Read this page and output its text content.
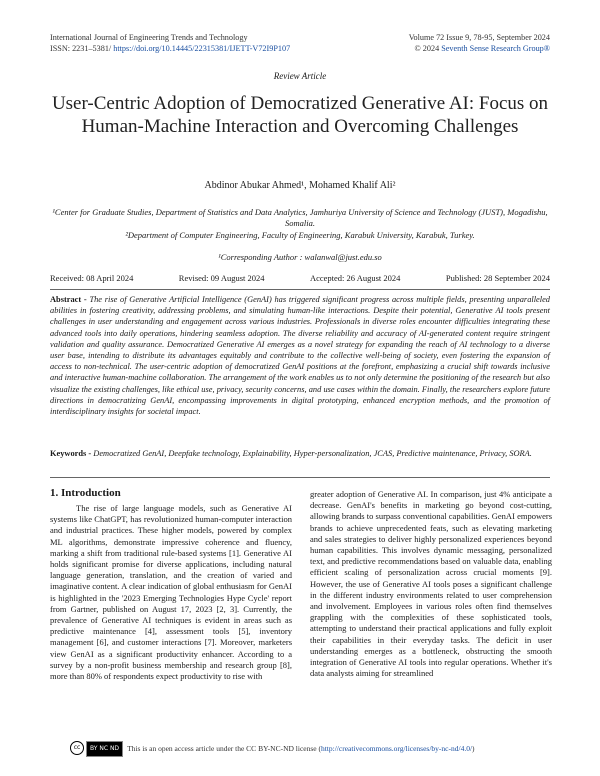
International Journal of Engineering Trends and Technology
ISSN: 2231–5381/ https://doi.org/10.14445/22315381/IJETT-V72I9P107
Volume 72 Issue 9, 78-95, September 2024
© 2024 Seventh Sense Research Group®
Review Article
User-Centric Adoption of Democratized Generative AI: Focus on Human-Machine Interaction and Overcoming Challenges
Abdinor Abukar Ahmed¹, Mohamed Khalif Ali²
¹Center for Graduate Studies, Department of Statistics and Data Analytics, Jamhuriya University of Science and Technology (JUST), Mogadishu, Somalia.
²Department of Computer Engineering, Faculty of Engineering, Karabuk University, Karabuk, Turkey.
¹Corresponding Author : walanwal@just.edu.so
Received: 08 April 2024	Revised: 09 August 2024	Accepted: 26 August 2024	Published: 28 September 2024
Abstract - The rise of Generative Artificial Intelligence (GenAI) has triggered significant progress across multiple fields, presenting unparalleled abilities in fostering creativity, addressing problems, and simulating human-like interactions. Despite their potential, Generative AI tools present challenges in user understanding and engagement across various industries. Professionals in diverse roles encounter difficulties integrating these advanced tools into daily operations, hindering seamless adoption. The diverse reliability and accuracy of AI-generated content require stringent validation and quality assurance. Democratized Generative AI emerges as a novel strategy for expanding the reach of AI technology to a diverse user base, intending to distribute its advantages equitably and contribute to the collective well-being of society, even fostering the expansion of access to non-technical. The user-centric adoption of democratized GenAI positions at the forefront, emphasizing a crucial shift towards inclusive and interactive human-machine collaboration. The arrangement of the work enables us to not only determine the positioning of the research but also visualize the existing challenges, like ethical use, privacy, security concerns, and use cases within the domain. Finally, the researchers explore future directions in democratizing GenAI, encompassing improvements in digital prototyping, enhanced encryption methods, and the promotion of interdisciplinary insights for societal impact.
Keywords - Democratized GenAI, Deepfake technology, Explainability, Hyper-personalization, JCAS, Predictive maintenance, Privacy, SORA.
1. Introduction
The rise of large language models, such as Generative AI systems like ChatGPT, has revolutionized human-computer interaction and industrial practices. These higher models, powered by complex ML algorithms, demonstrate impressive coherence and fluency, marking a shift from traditional rule-based systems [1]. Generative AI holds significant promise for diverse applications, including natural language generation, translation, and the creation of varied and imaginative content. A clear indication of global enthusiasm for GenAI is highlighted in the '2023 Emerging Technologies Hype Cycle' report from Gartner, published on August 17, 2023 [2, 3]. Currently, the prevalence of Generative AI techniques is evident in areas such as predictive maintenance [4], assessment tools [5], inventory management [6], and customer interactions [7]. Moreover, marketers view GenAI as a significant productivity enhancer. According to a survey by a non-profit business membership and research group [8], more than 80% of respondents expect productivity to rise with
greater adoption of Generative AI. In comparison, just 4% anticipate a decrease. GenAI's benefits in marketing go beyond cost-cutting, allowing brands to surpass conventional capabilities. GenAI empowers brands to achieve unprecedented feats, such as elevating marketing and sales strategies to deliver highly personalized experiences beyond human capabilities. This involves dynamic messaging, personalized text, and predictive recommendations based on valuable data, enabling efficient scaling of personalization across crucial moments [9]. However, the use of Generative AI tools poses a significant challenge in the different industry environments related to user comprehension and involvement. Employees in various roles often find themselves grappling with the complexities of these sophisticated tools, attempting to understand their practical applications and fully exploit their capabilities in their everyday tasks. The deficit in user understanding emerges as a bottleneck, obstructing the smooth integration of Generative AI tools into regular operations. Whether it's data analysts aiming for streamlined
cc	BY NC ND	This is an open access article under the CC BY-NC-ND license (http://creativecommons.org/licenses/by-nc-nd/4.0/)
